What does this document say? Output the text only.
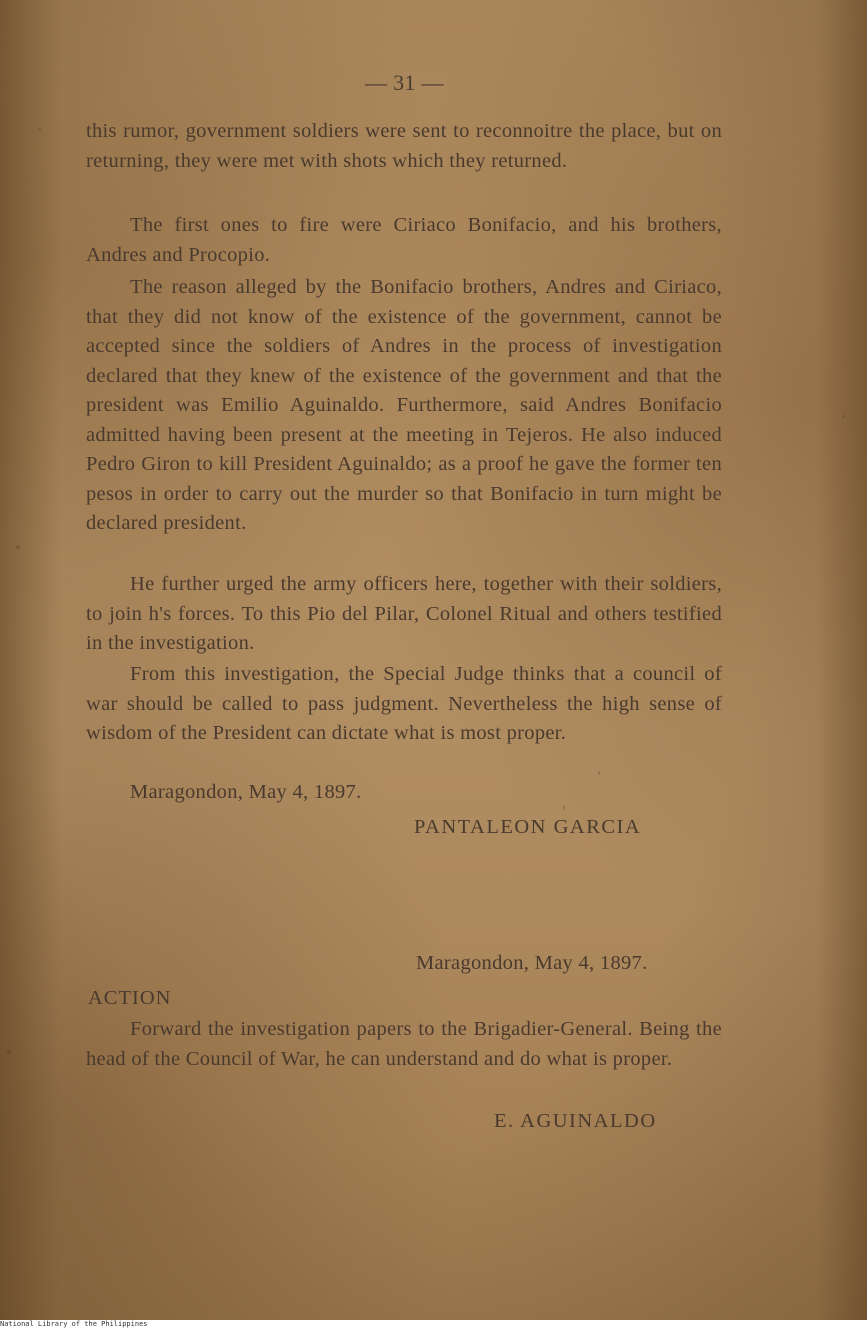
— 31 —

this rumor, government soldiers were sent to reconnoitre the place, but on returning, they were met with shots which they returned.

The first ones to fire were Ciriaco Bonifacio, and his brothers, Andres and Procopio.

The reason alleged by the Bonifacio brothers, Andres and Ciriaco, that they did not know of the existence of the government, cannot be accepted since the soldiers of Andres in the process of investigation declared that they knew of the existence of the government and that the president was Emilio Aguinaldo. Furthermore, said Andres Bonifacio admitted having been present at the meeting in Tejeros. He also induced Pedro Giron to kill President Aguinaldo; as a proof he gave the former ten pesos in order to carry out the murder so that Bonifacio in turn might be declared president.

He further urged the army officers here, together with their soldiers, to join h's forces. To this Pio del Pilar, Colonel Ritual and others testified in the investigation.

From this investigation, the Special Judge thinks that a council of war should be called to pass judgment. Nevertheless the high sense of wisdom of the President can dictate what is most proper.

Maragondon, May 4, 1897.
PANTALEON GARCIA
Maragondon, May 4, 1897.
ACTION

Forward the investigation papers to the Brigadier-General. Being the head of the Council of War, he can understand and do what is proper.

E. AGUINALDO
National Library of the Philippines
